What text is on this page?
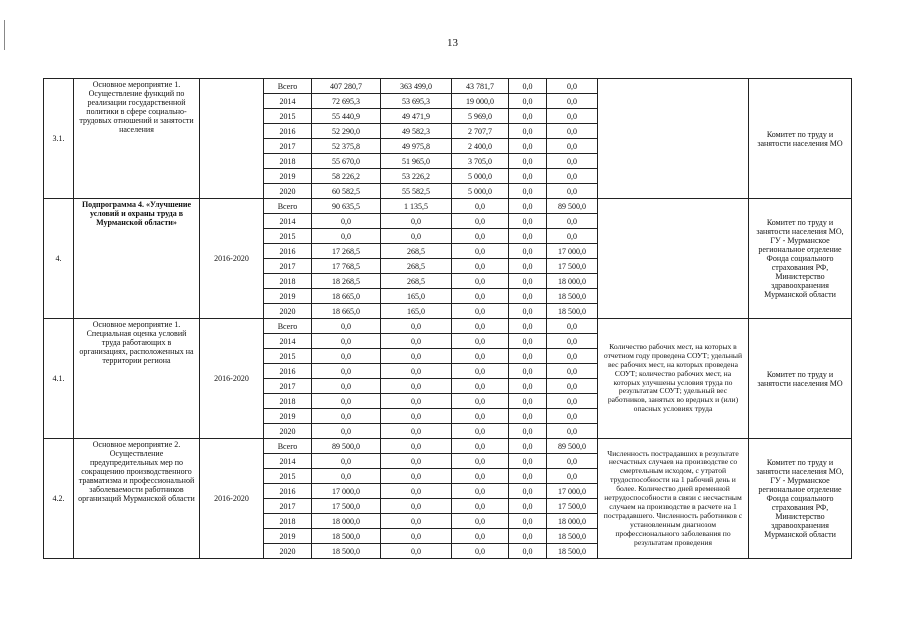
13
3.1.	Основное мероприятие 1. Осуществление функций по реализации государственной политики в сфере социально-трудовых отношений и занятости населения		Всего	407 280,7	363 499,0	43 781,7	0,0	0,0		Комитет по труду и занятости населения МО
			2014	72 695,3	53 695,3	19 000,0	0,0	0,0		
			2015	55 440,9	49 471,9	5 969,0	0,0	0,0		
			2016	52 290,0	49 582,3	2 707,7	0,0	0,0		
			2017	52 375,8	49 975,8	2 400,0	0,0	0,0		
			2018	55 670,0	51 965,0	3 705,0	0,0	0,0		
			2019	58 226,2	53 226,2	5 000,0	0,0	0,0		
			2020	60 582,5	55 582,5	5 000,0	0,0	0,0		
4.	Подпрограмма 4. «Улучшение условий и охраны труда в Мурманской области»	2016-2020	Всего	90 635,5	1 135,5	0,0	0,0	89 500,0		Комитет по труду и занятости населения МО, ГУ - Мурманское региональное отделение Фонда социального страхования РФ, Министерство здравоохранения Мурманской области
			2014	0,0	0,0	0,0	0,0	0,0		
			2015	0,0	0,0	0,0	0,0	0,0		
			2016	17 268,5	268,5	0,0	0,0	17 000,0		
			2017	17 768,5	268,5	0,0	0,0	17 500,0		
			2018	18 268,5	268,5	0,0	0,0	18 000,0		
			2019	18 665,0	165,0	0,0	0,0	18 500,0		
			2020	18 665,0	165,0	0,0	0,0	18 500,0		
4.1.	Основное мероприятие 1. Специальная оценка условий труда работающих в организациях, расположенных на территории региона	2016-2020	Всего	0,0	0,0	0,0	0,0	0,0	Количество рабочих мест, на которых в отчетном году проведена СОУТ; удельный вес рабочих мест, на которых проведена СОУТ; количество рабочих мест, на которых улучшены условия труда по результатам СОУТ; удельный вес работников, занятых во вредных и (или) опасных условиях труда	Комитет по труду и занятости населения МО
			2014	0,0	0,0	0,0	0,0	0,0		
			2015	0,0	0,0	0,0	0,0	0,0		
			2016	0,0	0,0	0,0	0,0	0,0		
			2017	0,0	0,0	0,0	0,0	0,0		
			2018	0,0	0,0	0,0	0,0	0,0		
			2019	0,0	0,0	0,0	0,0	0,0		
			2020	0,0	0,0	0,0	0,0	0,0		
4.2.	Основное мероприятие 2. Осуществление предупредительных мер по сокращению производственного травматизма и профессиональной заболеваемости работников организаций Мурманской области	2016-2020	Всего	89 500,0	0,0	0,0	0,0	89 500,0	Численность пострадавших в результате несчастных случаев на производстве со смертельным исходом, с утратой трудоспособности на 1 рабочий день и более. Количество дней временной нетрудоспособности в связи с несчастным случаем на производстве в расчете на 1 пострадавшего. Численность работников с установленным диагнозом профессионального заболевания по результатам проведения	Комитет по труду и занятости населения МО, ГУ - Мурманское региональное отделение Фонда социального страхования РФ, Министерство здравоохранения Мурманской области
			2014	0,0	0,0	0,0	0,0	0,0		
			2015	0,0	0,0	0,0	0,0	0,0		
			2016	17 000,0	0,0	0,0	0,0	17 000,0		
			2017	17 500,0	0,0	0,0	0,0	17 500,0		
			2018	18 000,0	0,0	0,0	0,0	18 000,0		
			2019	18 500,0	0,0	0,0	0,0	18 500,0		
			2020	18 500,0	0,0	0,0	0,0	18 500,0		
